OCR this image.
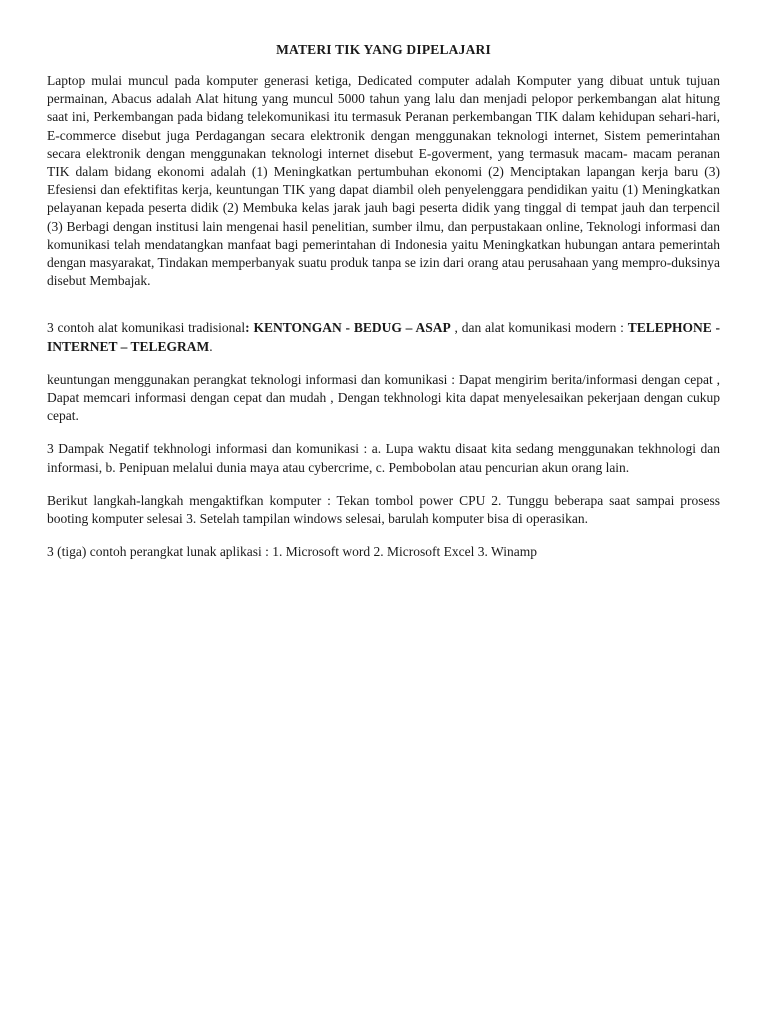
MATERI TIK YANG DIPELAJARI

Laptop mulai muncul pada komputer generasi ketiga, Dedicated computer adalah Komputer yang dibuat untuk tujuan permainan, Abacus adalah Alat hitung yang muncul 5000 tahun yang lalu dan menjadi pelopor perkembangan alat hitung saat ini, Perkembangan pada bidang telekomunikasi itu termasuk Peranan perkembangan TIK dalam kehidupan sehari-hari, E-commerce disebut juga Perdagangan secara elektronik dengan menggunakan teknologi internet, Sistem pemerintahan secara elektronik dengan menggunakan teknologi internet disebut E-goverment, yang termasuk macam- macam peranan TIK dalam bidang ekonomi adalah (1) Meningkatkan pertumbuhan ekonomi (2) Menciptakan lapangan kerja baru (3) Efesiensi dan efektifitas kerja, keuntungan TIK yang dapat diambil oleh penyelenggara pendidikan yaitu (1) Meningkatkan pelayanan kepada peserta didik (2) Membuka kelas jarak jauh bagi peserta didik yang tinggal di tempat jauh dan terpencil (3) Berbagi dengan institusi lain mengenai hasil penelitian, sumber ilmu, dan perpustakaan online, Teknologi informasi dan komunikasi telah mendatangkan manfaat bagi pemerintahan di Indonesia yaitu Meningkatkan hubungan antara pemerintah dengan masyarakat, Tindakan memperbanyak suatu produk tanpa se izin dari orang atau perusahaan yang mempro-duksinya disebut Membajak.

3 contoh alat komunikasi tradisional: KENTONGAN - BEDUG – ASAP , dan alat komunikasi modern : TELEPHONE - INTERNET – TELEGRAM.

keuntungan menggunakan perangkat teknologi informasi dan komunikasi : Dapat mengirim berita/informasi dengan cepat , Dapat memcari informasi dengan cepat dan mudah , Dengan tekhnologi kita dapat menyelesaikan pekerjaan dengan cukup cepat.

3 Dampak Negatif tekhnologi informasi dan komunikasi : a. Lupa waktu disaat kita sedang menggunakan tekhnologi dan informasi, b. Penipuan melalui dunia maya atau cybercrime, c. Pembobolan atau pencurian akun orang lain.

Berikut langkah-langkah mengaktifkan komputer : Tekan tombol power CPU 2. Tunggu beberapa saat sampai prosess booting komputer selesai 3. Setelah tampilan windows selesai, barulah komputer bisa di operasikan.

3 (tiga) contoh perangkat lunak aplikasi : 1. Microsoft word 2. Microsoft Excel 3. Winamp
